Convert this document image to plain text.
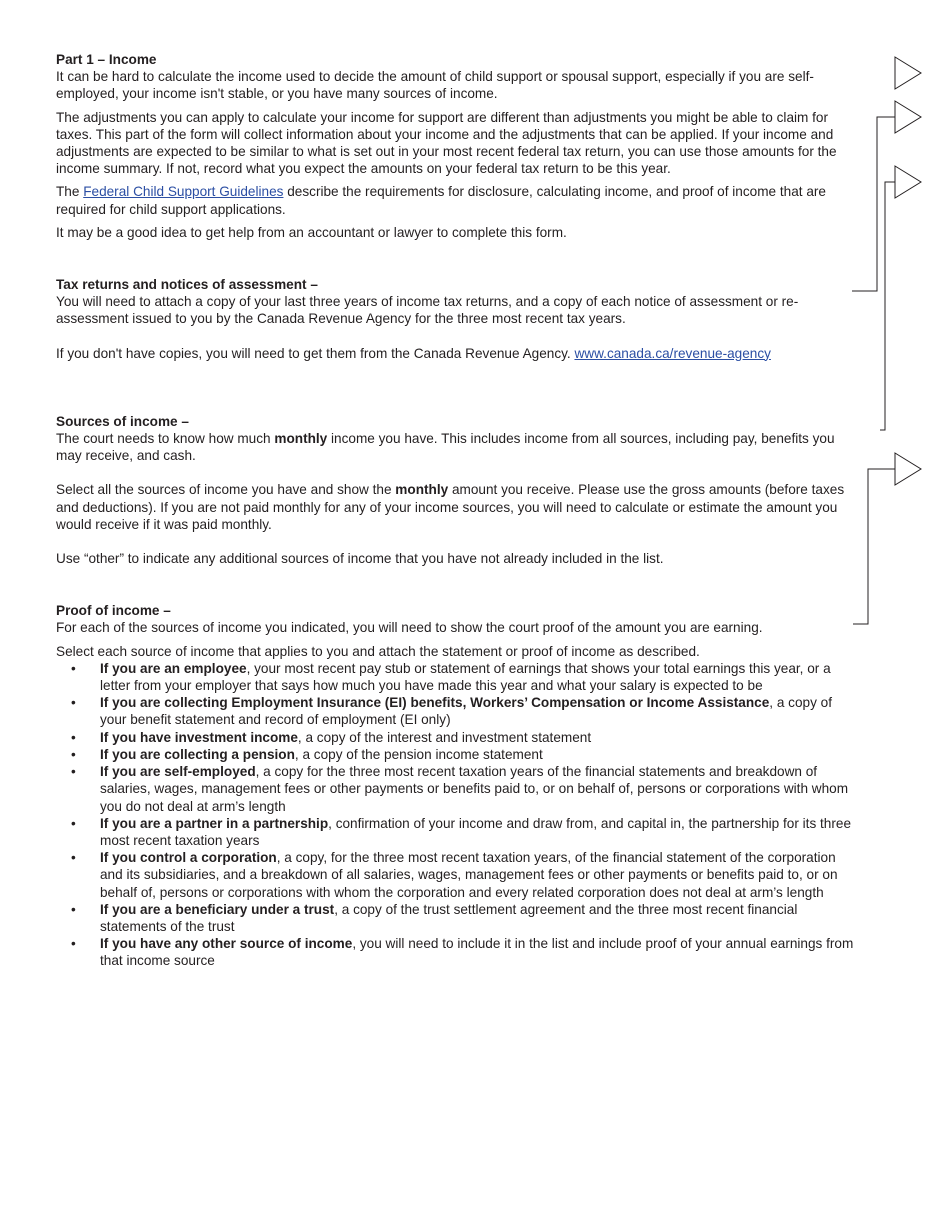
Part 1 – Income

It can be hard to calculate the income used to decide the amount of child support or spousal support, especially if you are self-employed, your income isn't stable, or you have many sources of income.

The adjustments you can apply to calculate your income for support are different than adjustments you might be able to claim for taxes. This part of the form will collect information about your income and the adjustments that can be applied. If your income and adjustments are expected to be similar to what is set out in your most recent federal tax return, you can use those amounts for the income summary. If not, record what you expect the amounts on your federal tax return to be this year.

The Federal Child Support Guidelines describe the requirements for disclosure, calculating income, and proof of income that are required for child support applications.

It may be a good idea to get help from an accountant or lawyer to complete this form.

Tax returns and notices of assessment –

You will need to attach a copy of your last three years of income tax returns, and a copy of each notice of assessment or re-assessment issued to you by the Canada Revenue Agency for the three most recent tax years.

If you don't have copies, you will need to get them from the Canada Revenue Agency. www.canada.ca/revenue-agency

Sources of income –

The court needs to know how much monthly income you have. This includes income from all sources, including pay, benefits you may receive, and cash.

Select all the sources of income you have and show the monthly amount you receive. Please use the gross amounts (before taxes and deductions). If you are not paid monthly for any of your income sources, you will need to calculate or estimate the amount you would receive if it was paid monthly.

Use “other” to indicate any additional sources of income that you have not already included in the list.

Proof of income –

For each of the sources of income you indicated, you will need to show the court proof of the amount you are earning.

Select each source of income that applies to you and attach the statement or proof of income as described.

• If you are an employee, your most recent pay stub or statement of earnings that shows your total earnings this year, or a letter from your employer that says how much you have made this year and what your salary is expected to be
• If you are collecting Employment Insurance (EI) benefits, Workers’ Compensation or Income Assistance, a copy of your benefit statement and record of employment (EI only)
• If you have investment income, a copy of the interest and investment statement
• If you are collecting a pension, a copy of the pension income statement
• If you are self-employed, a copy for the three most recent taxation years of the financial statements and breakdown of salaries, wages, management fees or other payments or benefits paid to, or on behalf of, persons or corporations with whom you do not deal at arm’s length
• If you are a partner in a partnership, confirmation of your income and draw from, and capital in, the partnership for its three most recent taxation years
• If you control a corporation, a copy, for the three most recent taxation years, of the financial statement of the corporation and its subsidiaries, and a breakdown of all salaries, wages, management fees or other payments or benefits paid to, or on behalf of, persons or corporations with whom the corporation and every related corporation does not deal at arm’s length
• If you are a beneficiary under a trust, a copy of the trust settlement agreement and the three most recent financial statements of the trust
• If you have any other source of income, you will need to include it in the list and include proof of your annual earnings from that income source
